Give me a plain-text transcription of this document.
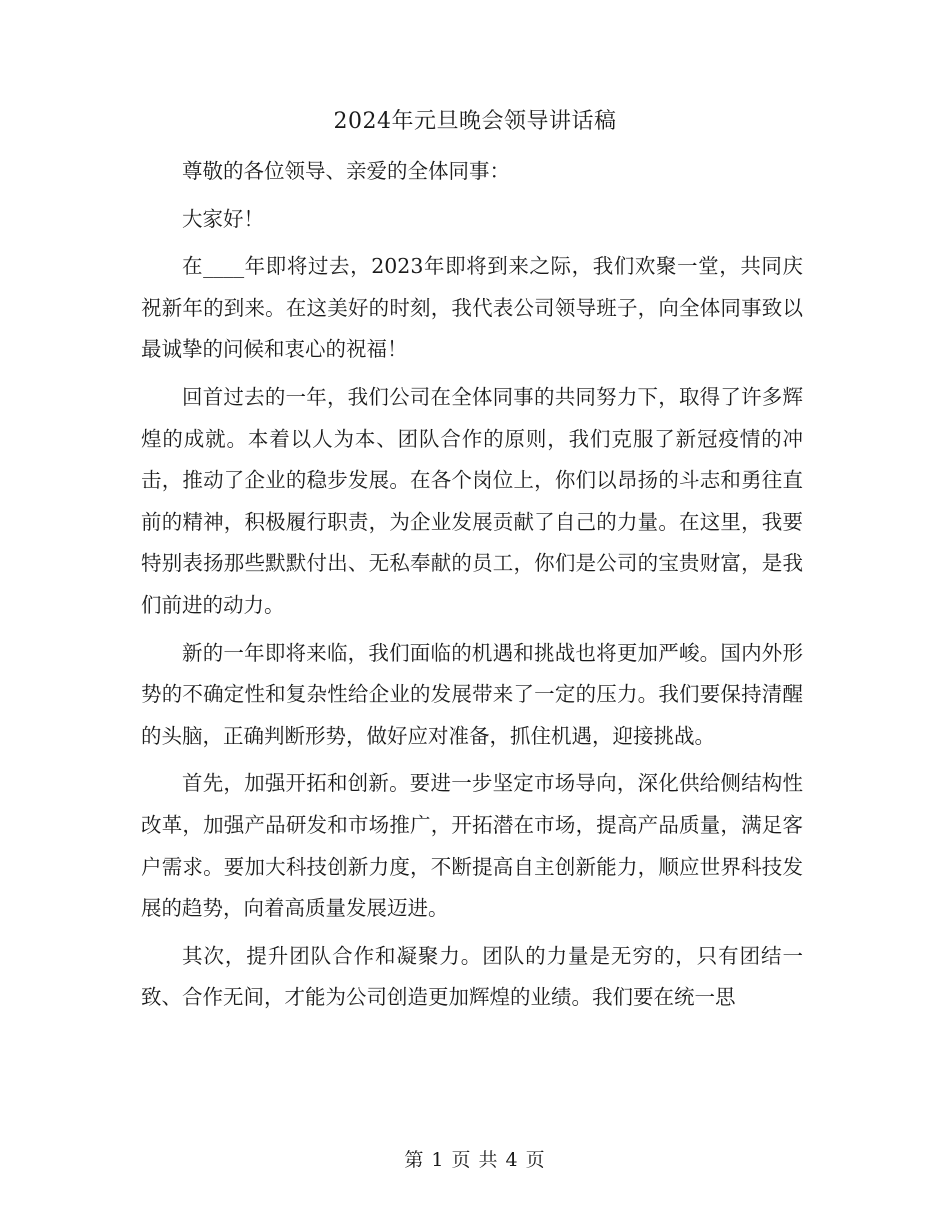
2024年元旦晚会领导讲话稿

尊敬的各位领导、亲爱的全体同事：

大家好！

在____年即将过去，2023年即将到来之际，我们欢聚一堂，共同庆祝新年的到来。在这美好的时刻，我代表公司领导班子，向全体同事致以最诚挚的问候和衷心的祝福！

回首过去的一年，我们公司在全体同事的共同努力下，取得了许多辉煌的成就。本着以人为本、团队合作的原则，我们克服了新冠疫情的冲击，推动了企业的稳步发展。在各个岗位上，你们以昂扬的斗志和勇往直前的精神，积极履行职责，为企业发展贡献了自己的力量。在这里，我要特别表扬那些默默付出、无私奉献的员工，你们是公司的宝贵财富，是我们前进的动力。

新的一年即将来临，我们面临的机遇和挑战也将更加严峻。国内外形势的不确定性和复杂性给企业的发展带来了一定的压力。我们要保持清醒的头脑，正确判断形势，做好应对准备，抓住机遇，迎接挑战。

首先，加强开拓和创新。要进一步坚定市场导向，深化供给侧结构性改革，加强产品研发和市场推广，开拓潜在市场，提高产品质量，满足客户需求。要加大科技创新力度，不断提高自主创新能力，顺应世界科技发展的趋势，向着高质量发展迈进。

其次，提升团队合作和凝聚力。团队的力量是无穷的，只有团结一致、合作无间，才能为公司创造更加辉煌的业绩。我们要在统一思

第 1 页 共 4 页
